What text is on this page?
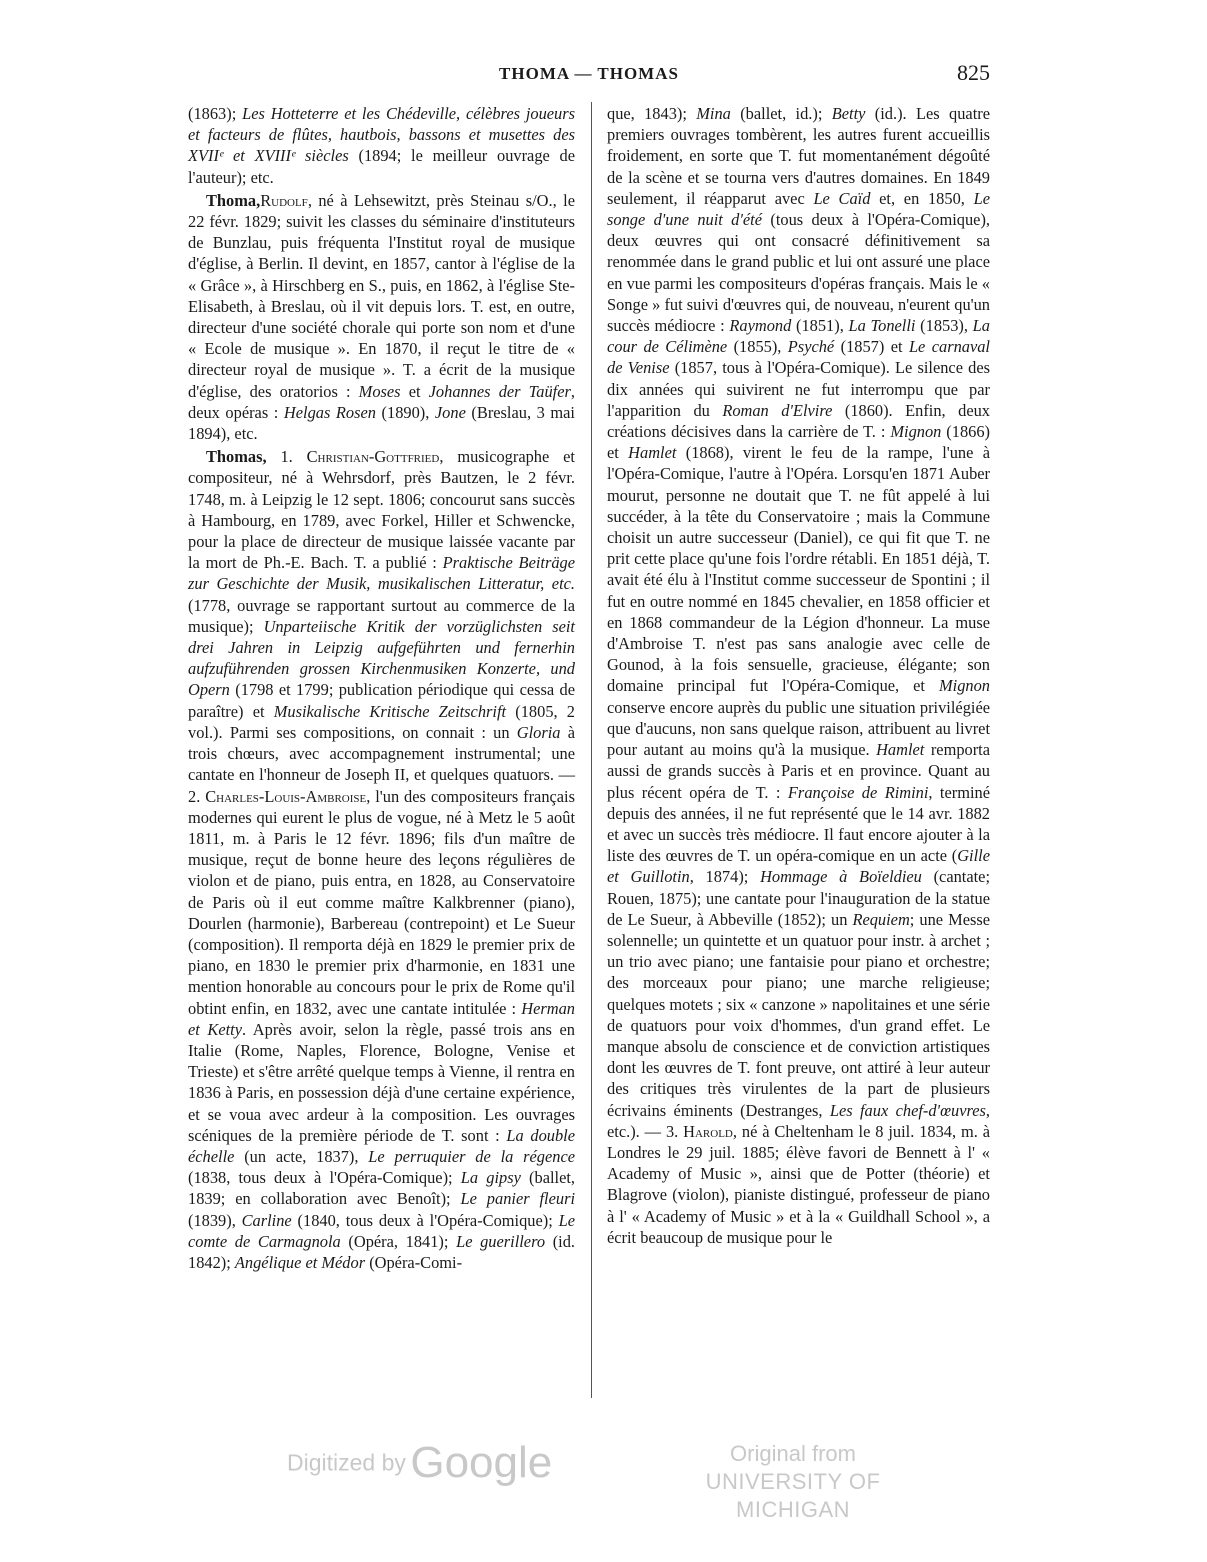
THOMA — THOMAS	825

(1863); Les Hotteterre et les Chédeville, célèbres joueurs et facteurs de flûtes, hautbois, bassons et musettes des XVIIᵉ et XVIIIᵉ siècles (1894; le meilleur ouvrage de l'auteur); etc.

Thoma,Rudolf, né à Lehsewitzt, près Steinau s/O., le 22 févr. 1829; suivit les classes du séminaire d'instituteurs de Bunzlau, puis fréquenta l'Institut royal de musique d'église, à Berlin. Il devint, en 1857, cantor à l'église de la « Grâce », à Hirschberg en S., puis, en 1862, à l'église Ste-Elisabeth, à Breslau, où il vit depuis lors. T. est, en outre, directeur d'une société chorale qui porte son nom et d'une « Ecole de musique ». En 1870, il reçut le titre de « directeur royal de musique ». T. a écrit de la musique d'église, des oratorios : Moses et Johannes der Taüfer, deux opéras : Helgas Rosen (1890), Jone (Breslau, 3 mai 1894), etc.

Thomas, 1. Christian-Gottfried, musicographe et compositeur, né à Wehrsdorf, près Bautzen, le 2 févr. 1748, m. à Leipzig le 12 sept. 1806; concourut sans succès à Hambourg, en 1789, avec Forkel, Hiller et Schwencke, pour la place de directeur de musique laissée vacante par la mort de Ph.-E. Bach. T. a publié : Praktische Beiträge zur Geschichte der Musik, musikalischen Litteratur, etc. (1778, ouvrage se rapportant surtout au commerce de la musique); Unparteiische Kritik der vorzüglichsten seit drei Jahren in Leipzig aufgeführten und fernerhin aufzuführenden grossen Kirchenmusiken Konzerte, und Opern (1798 et 1799; publication périodique qui cessa de paraître) et Musikalische Kritische Zeitschrift (1805, 2 vol.). Parmi ses compositions, on connait : un Gloria à trois chœurs, avec accompagnement instrumental; une cantate en l'honneur de Joseph II, et quelques quatuors. — 2. Charles-Louis-Ambroise, l'un des compositeurs français modernes qui eurent le plus de vogue, né à Metz le 5 août 1811, m. à Paris le 12 févr. 1896; fils d'un maître de musique, reçut de bonne heure des leçons régulières de violon et de piano, puis entra, en 1828, au Conservatoire de Paris où il eut comme maître Kalkbrenner (piano), Dourlen (harmonie), Barbereau (contrepoint) et Le Sueur (composition). Il remporta déjà en 1829 le premier prix de piano, en 1830 le premier prix d'harmonie, en 1831 une mention honorable au concours pour le prix de Rome qu'il obtint enfin, en 1832, avec une cantate intitulée : Herman et Ketty. Après avoir, selon la règle, passé trois ans en Italie (Rome, Naples, Florence, Bologne, Venise et Trieste) et s'être arrêté quelque temps à Vienne, il rentra en 1836 à Paris, en possession déjà d'une certaine expérience, et se voua avec ardeur à la composition. Les ouvrages scéniques de la première période de T. sont : La double échelle (un acte, 1837), Le perruquier de la régence (1838, tous deux à l'Opéra-Comique); La gipsy (ballet, 1839; en collaboration avec Benoît); Le panier fleuri (1839), Carline (1840, tous deux à l'Opéra-Comique); Le comte de Carmagnola (Opéra, 1841); Le guerillero (id. 1842); Angélique et Médor (Opéra-Comi-

que, 1843); Mina (ballet, id.); Betty (id.). Les quatre premiers ouvrages tombèrent, les autres furent accueillis froidement, en sorte que T. fut momentanément dégoûté de la scène et se tourna vers d'autres domaines. En 1849 seulement, il réapparut avec Le Caïd et, en 1850, Le songe d'une nuit d'été (tous deux à l'Opéra-Comique), deux œuvres qui ont consacré définitivement sa renommée dans le grand public et lui ont assuré une place en vue parmi les compositeurs d'opéras français. Mais le « Songe » fut suivi d'œuvres qui, de nouveau, n'eurent qu'un succès médiocre : Raymond (1851), La Tonelli (1853), La cour de Célimène (1855), Psyché (1857) et Le carnaval de Venise (1857, tous à l'Opéra-Comique). Le silence des dix années qui suivirent ne fut interrompu que par l'apparition du Roman d'Elvire (1860). Enfin, deux créations décisives dans la carrière de T. : Mignon (1866) et Hamlet (1868), virent le feu de la rampe, l'une à l'Opéra-Comique, l'autre à l'Opéra. Lorsqu'en 1871 Auber mourut, personne ne doutait que T. ne fût appelé à lui succéder, à la tête du Conservatoire ; mais la Commune choisit un autre successeur (Daniel), ce qui fit que T. ne prit cette place qu'une fois l'ordre rétabli. En 1851 déjà, T. avait été élu à l'Institut comme successeur de Spontini ; il fut en outre nommé en 1845 chevalier, en 1858 officier et en 1868 commandeur de la Légion d'honneur. La muse d'Ambroise T. n'est pas sans analogie avec celle de Gounod, à la fois sensuelle, gracieuse, élégante; son domaine principal fut l'Opéra-Comique, et Mignon conserve encore auprès du public une situation privilégiée que d'aucuns, non sans quelque raison, attribuent au livret pour autant au moins qu'à la musique. Hamlet remporta aussi de grands succès à Paris et en province. Quant au plus récent opéra de T. : Françoise de Rimini, terminé depuis des années, il ne fut représenté que le 14 avr. 1882 et avec un succès très médiocre. Il faut encore ajouter à la liste des œuvres de T. un opéra-comique en un acte (Gille et Guillotin, 1874); Hommage à Boïeldieu (cantate; Rouen, 1875); une cantate pour l'inauguration de la statue de Le Sueur, à Abbeville (1852); un Requiem; une Messe solennelle; un quintette et un quatuor pour instr. à archet ; un trio avec piano; une fantaisie pour piano et orchestre; des morceaux pour piano; une marche religieuse; quelques motets ; six « canzone » napolitaines et une série de quatuors pour voix d'hommes, d'un grand effet. Le manque absolu de conscience et de conviction artistiques dont les œuvres de T. font preuve, ont attiré à leur auteur des critiques très virulentes de la part de plusieurs écrivains éminents (Destranges, Les faux chef-d'œuvres, etc.). — 3. Harold, né à Cheltenham le 8 juil. 1834, m. à Londres le 29 juil. 1885; élève favori de Bennett à l' « Academy of Music », ainsi que de Potter (théorie) et Blagrove (violon), pianiste distingué, professeur de piano à l' « Academy of Music » et à la « Guildhall School », a écrit beaucoup de musique pour le

Digitized by Google	Original from
UNIVERSITY OF MICHIGAN
